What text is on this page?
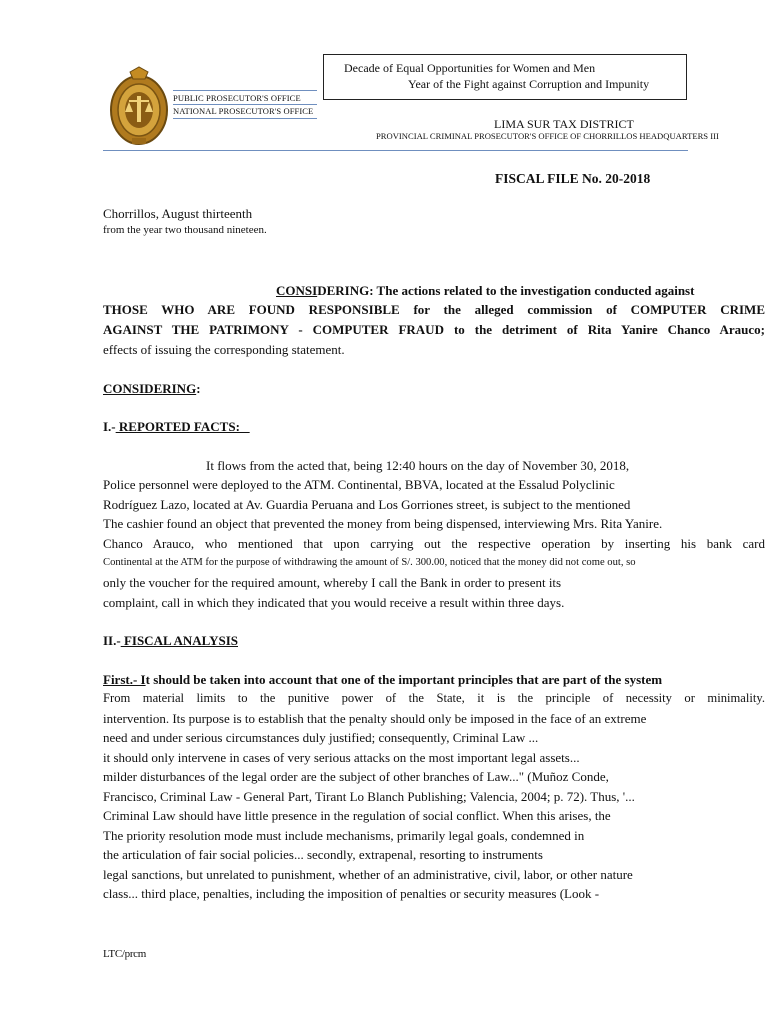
PUBLIC PROSECUTOR'S OFFICE
NATIONAL PROSECUTOR'S OFFICE
Decade of Equal Opportunities for Women and Men
Year of the Fight against Corruption and Impunity
LIMA SUR TAX DISTRICT
PROVINCIAL CRIMINAL PROSECUTOR'S OFFICE OF CHORRILLOS HEADQUARTERS III
FISCAL FILE No. 20-2018
Chorrillos, August thirteenth
from the year two thousand nineteen.
CONSIDERING: The actions related to the investigation conducted against
THOSE WHO ARE FOUND RESPONSIBLE for the alleged commission of COMPUTER CRIME
AGAINST THE PATRIMONY - COMPUTER FRAUD to the detriment of Rita Yanire Chanco Arauco;
effects of issuing the corresponding statement.
CONSIDERING:
I.- REPORTED FACTS:
It flows from the acted that, being 12:40 hours on the day of November 30, 2018,
Police personnel were deployed to the ATM. Continental, BBVA, located at the Essalud Polyclinic
Rodríguez Lazo, located at Av. Guardia Peruana and Los Gorriones street, is subject to the mentioned
The cashier found an object that prevented the money from being dispensed, interviewing Mrs. Rita Yanire.
Chanco Arauco, who mentioned that upon carrying out the respective operation by inserting his bank card
Continental at the ATM for the purpose of withdrawing the amount of S/. 300.00, noticed that the money did not come out, so
only the voucher for the required amount, whereby I call the Bank in order to present its
complaint, call in which they indicated that you would receive a result within three days.
II.- FISCAL ANALYSIS
First.- It should be taken into account that one of the important principles that are part of the system
From material limits to the punitive power of the State, it is the principle of necessity or minimality.
intervention. Its purpose is to establish that the penalty should only be imposed in the face of an extreme
need and under serious circumstances duly justified; consequently, Criminal Law ...
it should only intervene in cases of very serious attacks on the most important legal assets...
milder disturbances of the legal order are the subject of other branches of Law..." (Muñoz Conde,
Francisco, Criminal Law - General Part, Tirant Lo Blanch Publishing; Valencia, 2004; p. 72). Thus, '...
Criminal Law should have little presence in the regulation of social conflict. When this arises, the
The priority resolution mode must include mechanisms, primarily legal goals, condemned in
the articulation of fair social policies... secondly, extrapenal, resorting to instruments
legal sanctions, but unrelated to punishment, whether of an administrative, civil, labor, or other nature
class... third place, penalties, including the imposition of penalties or security measures (Look -
LTC/prcm
